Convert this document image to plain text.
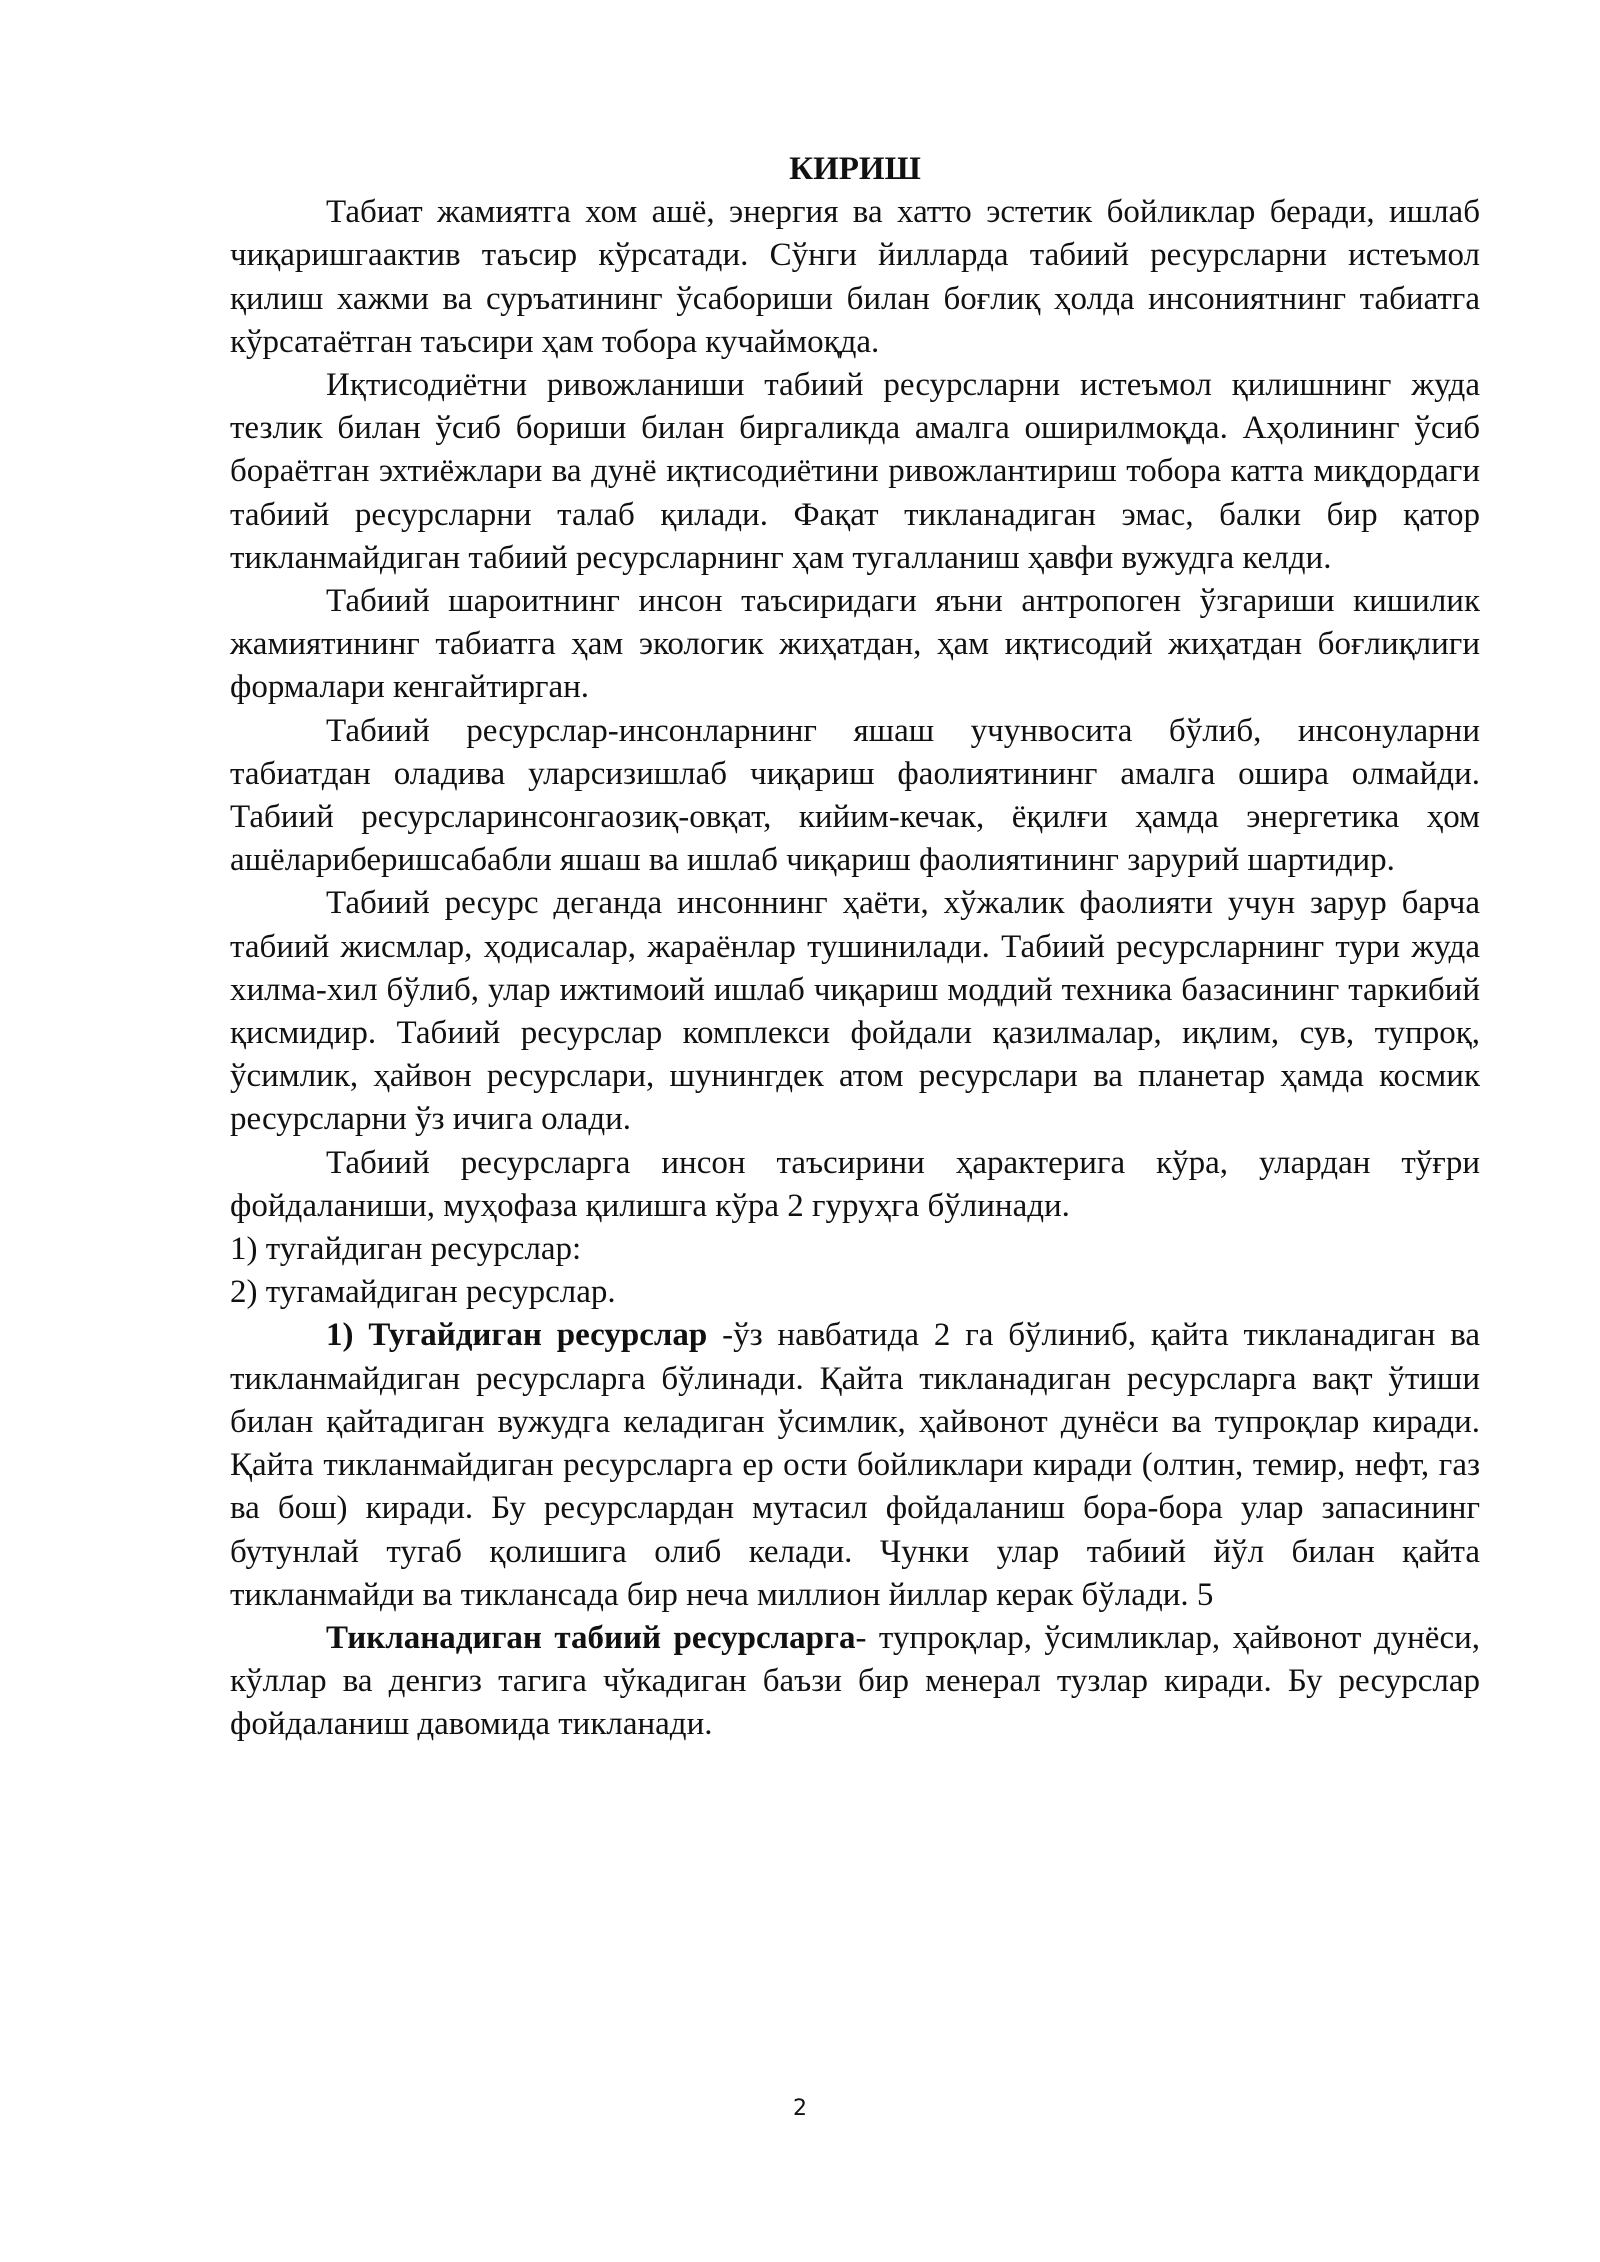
КИРИШ

Табиат жамиятга хом ашё, энергия ва хатто эстетик бойликлар беради, ишлаб чиқаришгаактив таъсир кўрсатади. Сўнги йилларда табиий ресурсларни истеъмол қилиш хажми ва суръатининг ўсабориши билан боғлиқ ҳолда инсониятнинг табиатга кўрсатаётган таъсири ҳам тобора кучаймоқда.

Иқтисодиётни ривожланиши табиий ресурсларни истеъмол қилишнинг жуда тезлик билан ўсиб бориши билан биргаликда амалга оширилмоқда. Аҳолининг ўсиб бораётган эхтиёжлари ва дунё иқтисодиётини ривожлантириш тобора катта миқдордаги табиий ресурсларни талаб қилади. Фақат тикланадиган эмас, балки бир қатор тикланмайдиган табиий ресурсларнинг ҳам тугалланиш ҳавфи вужудга келди.

Табиий шароитнинг инсон таъсиридаги яъни антропоген ўзгариши кишилик жамиятининг табиатга ҳам экологик жиҳатдан, ҳам иқтисодий жиҳатдан боғлиқлиги формалари кенгайтирган.

Табиий ресурслар-инсонларнинг яшаш учунвосита бўлиб, инсонуларни табиатдан оладива уларсизишлаб чиқариш фаолиятининг амалга ошира олмайди. Табиий ресурсларинсонгаозиқ-овқат, кийим-кечак, ёқилғи ҳамда энергетика ҳом ашёлариберишсабабли яшаш ва ишлаб чиқариш фаолиятининг зарурий шартидир.

Табиий ресурс деганда инсоннинг ҳаёти, хўжалик фаолияти учун зарур барча табиий жисмлар, ҳодисалар, жараёнлар тушинилади. Табиий ресурсларнинг тури жуда хилма-хил бўлиб, улар ижтимоий ишлаб чиқариш моддий техника базасининг таркибий қисмидир. Табиий ресурслар комплекси фойдали қазилмалар, иқлим, сув, тупроқ, ўсимлик, ҳайвон ресурслари, шунингдек атом ресурслари ва планетар ҳамда космик ресурсларни ўз ичига олади.

Табиий ресурсларга инсон таъсирини ҳарактерига кўра, улардан тўғри фойдаланиши, муҳофаза қилишга кўра 2 гуруҳга бўлинади.

1) тугайдиган ресурслар:

2) тугамайдиган ресурслар.

1) Тугайдиган ресурслар -ўз навбатида 2 га бўлиниб, қайта тикланадиган ва тикланмайдиган ресурсларга бўлинади. Қайта тикланадиган ресурсларга вақт ўтиши билан қайтадиган вужудга келадиган ўсимлик, ҳайвонот дунёси ва тупроқлар киради. Қайта тикланмайдиган ресурсларга ер ости бойликлари киради (олтин, темир, нефт, газ ва бош) киради. Бу ресурслардан мутасил фойдаланиш бора-бора улар запасининг бутунлай тугаб қолишига олиб келади. Чунки улар табиий йўл билан қайта тикланмайди ва тиклансада бир неча миллион йиллар керак бўлади. 5

Тикланадиган табиий ресурсларга- тупроқлар, ўсимликлар, ҳайвонот дунёси, кўллар ва денгиз тагига чўкадиган баъзи бир менерал тузлар киради. Бу ресурслар фойдаланиш давомида тикланади.

2
